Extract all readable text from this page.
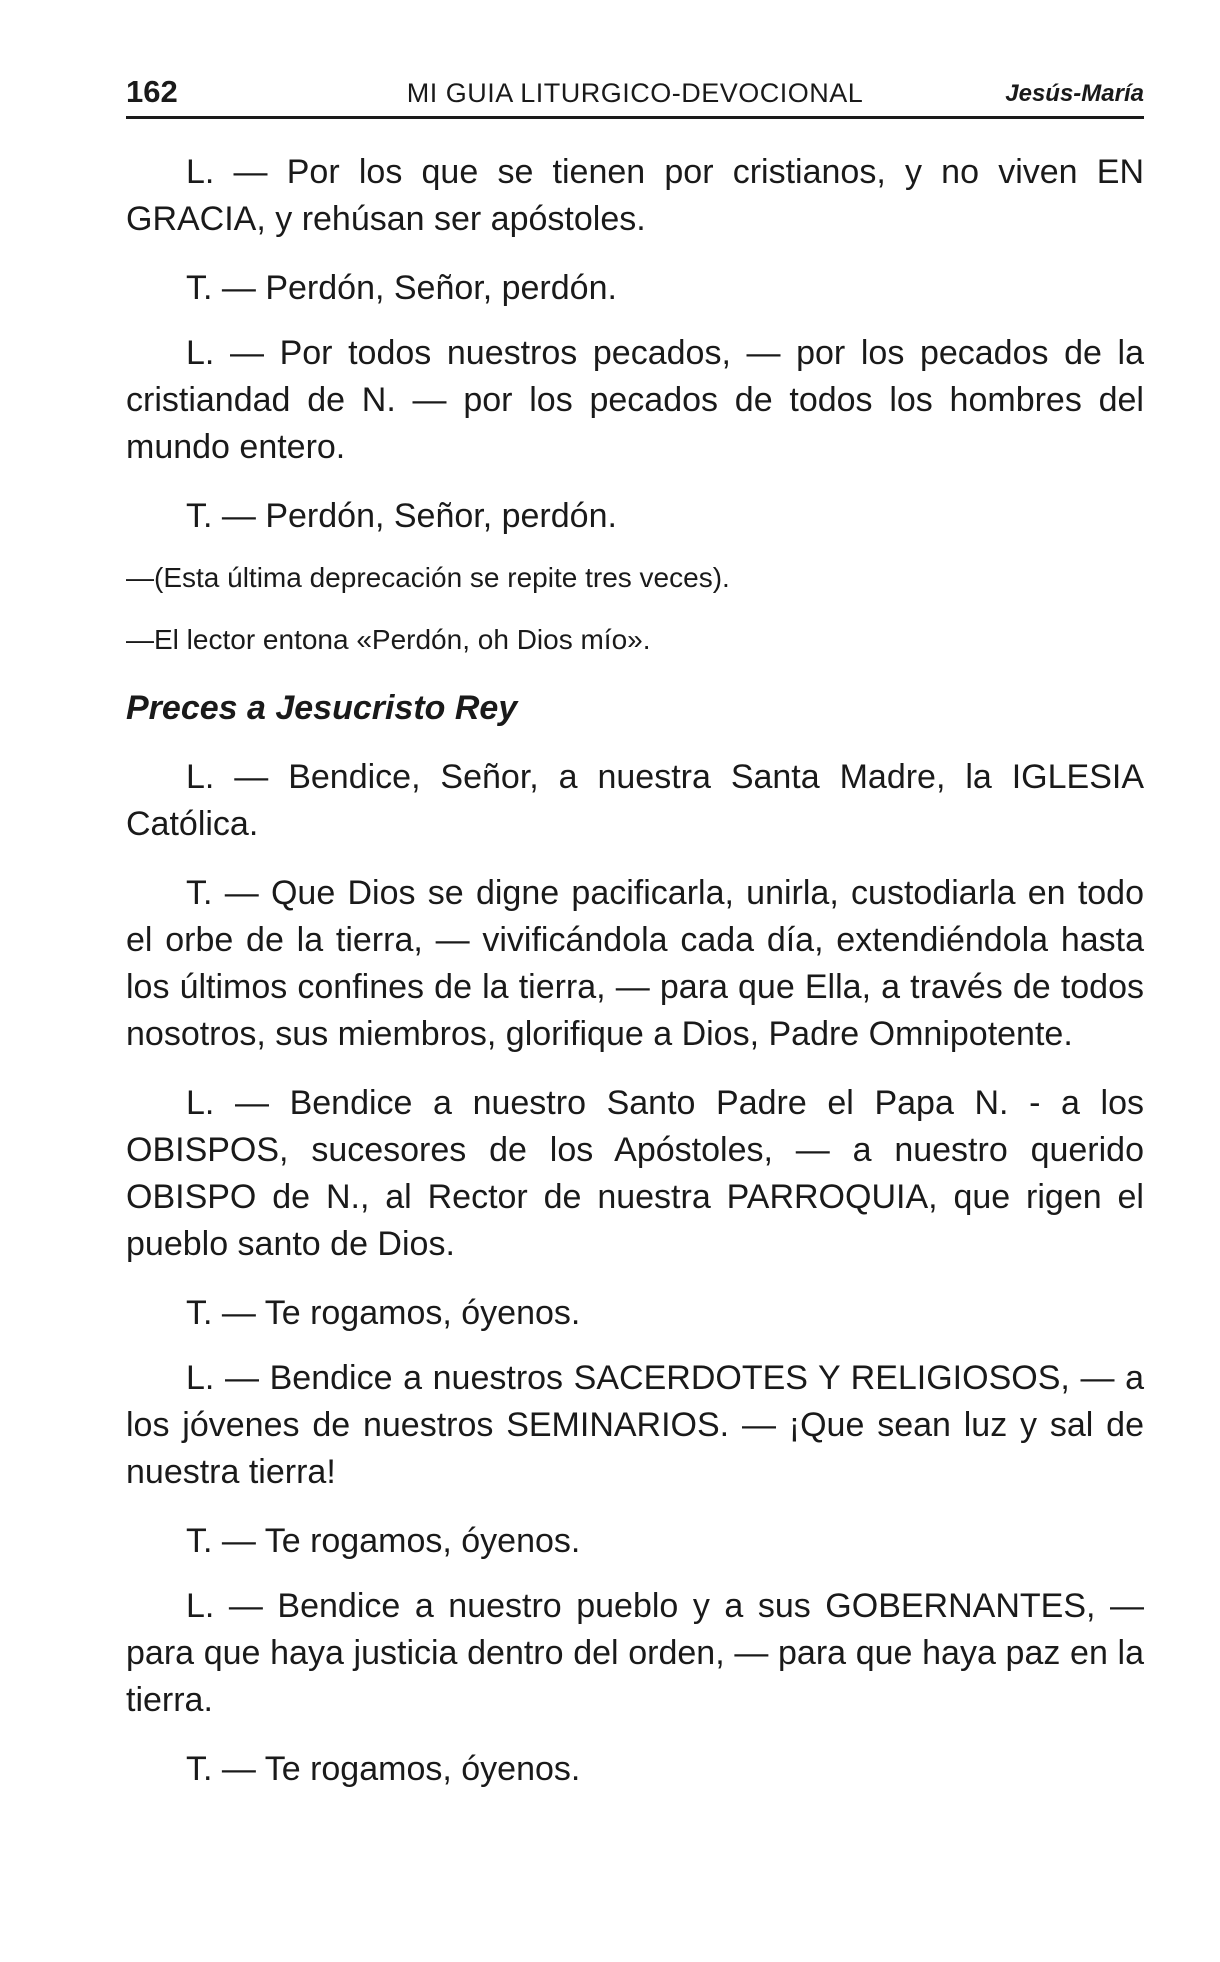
162	MI GUIA LITURGICO-DEVOCIONAL	Jesús-María

L. — Por los que se tienen por cristianos, y no viven EN GRACIA, y rehúsan ser apóstoles.

T. — Perdón, Señor, perdón.

L. — Por todos nuestros pecados, — por los pecados de la cristiandad de N. — por los pecados de todos los hombres del mundo entero.

T. — Perdón, Señor, perdón.

—(Esta última deprecación se repite tres veces).

—El lector entona «Perdón, oh Dios mío».

Preces a Jesucristo Rey

L. — Bendice, Señor, a nuestra Santa Madre, la IGLESIA Católica.

T. — Que Dios se digne pacificarla, unirla, custodiarla en todo el orbe de la tierra, — vivificándola cada día, extendiéndola hasta los últimos confines de la tierra, — para que Ella, a través de todos nosotros, sus miembros, glorifique a Dios, Padre Omnipotente.

L. — Bendice a nuestro Santo Padre el Papa N. - a los OBISPOS, sucesores de los Apóstoles, — a nuestro querido OBISPO de N., al Rector de nuestra PARROQUIA, que rigen el pueblo santo de Dios.

T. — Te rogamos, óyenos.

L. — Bendice a nuestros SACERDOTES Y RELIGIOSOS, — a los jóvenes de nuestros SEMINARIOS. — ¡Que sean luz y sal de nuestra tierra!

T. — Te rogamos, óyenos.

L. — Bendice a nuestro pueblo y a sus GOBERNANTES, — para que haya justicia dentro del orden, — para que haya paz en la tierra.

T. — Te rogamos, óyenos.
